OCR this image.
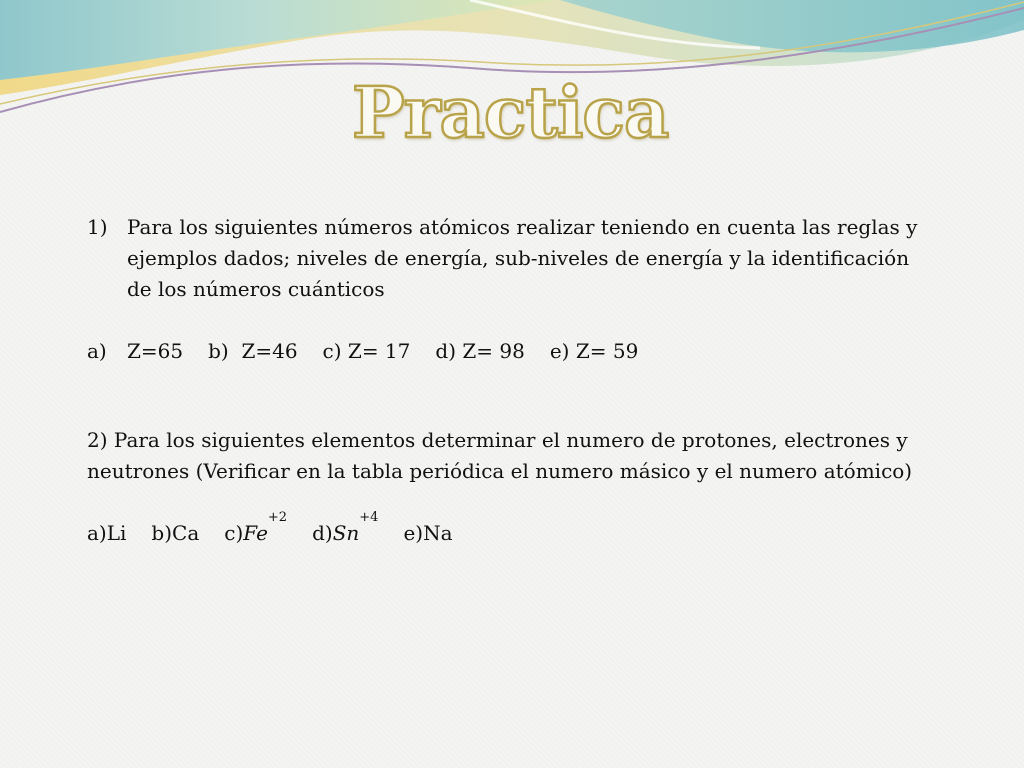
Practica
1) Para los siguientes números atómicos realizar teniendo en cuenta las reglas y ejemplos dados; niveles de energía, sub-niveles de energía y la identificación de los números cuánticos
a)	Z=65 b)
Z=46 c)
Z= 17 d)
Z= 98 e)
Z= 59
2) Para los siguientes elementos determinar el numero de protones, electrones y neutrones (Verificar en la tabla periódica el numero másico y el numero atómico)
a) Li b) Ca c) Fe
+2
d) Sn
+4
e) Na
